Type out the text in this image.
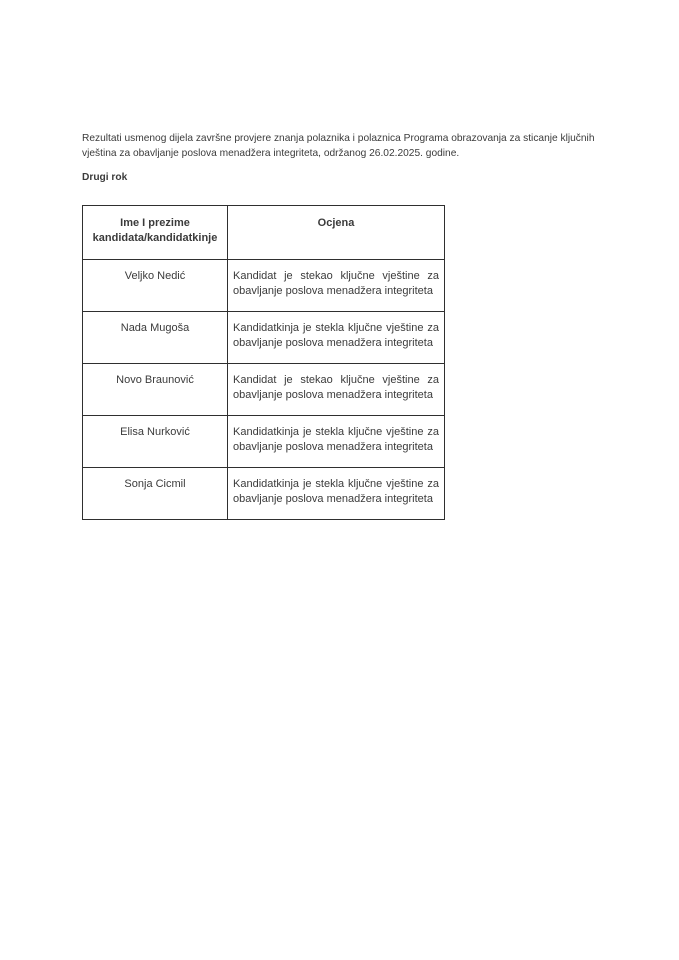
Rezultati usmenog dijela završne provjere znanja polaznika i polaznica Programa obrazovanja za sticanje ključnih vještina za obavljanje poslova menadžera integriteta, održanog 26.02.2025. godine.

Drugi rok

Ime I prezime
kandidata/kandidatkinje	Ocjena
Veljko Nedić	Kandidat je stekao ključne vještine za obavljanje poslova menadžera integriteta
Nada Mugoša	Kandidatkinja je stekla ključne vještine za obavljanje poslova menadžera integriteta
Novo Braunović	Kandidat je stekao ključne vještine za obavljanje poslova menadžera integriteta
Elisa Nurković	Kandidatkinja je stekla ključne vještine za obavljanje poslova menadžera integriteta
Sonja Cicmil	Kandidatkinja je stekla ključne vještine za obavljanje poslova menadžera integriteta
